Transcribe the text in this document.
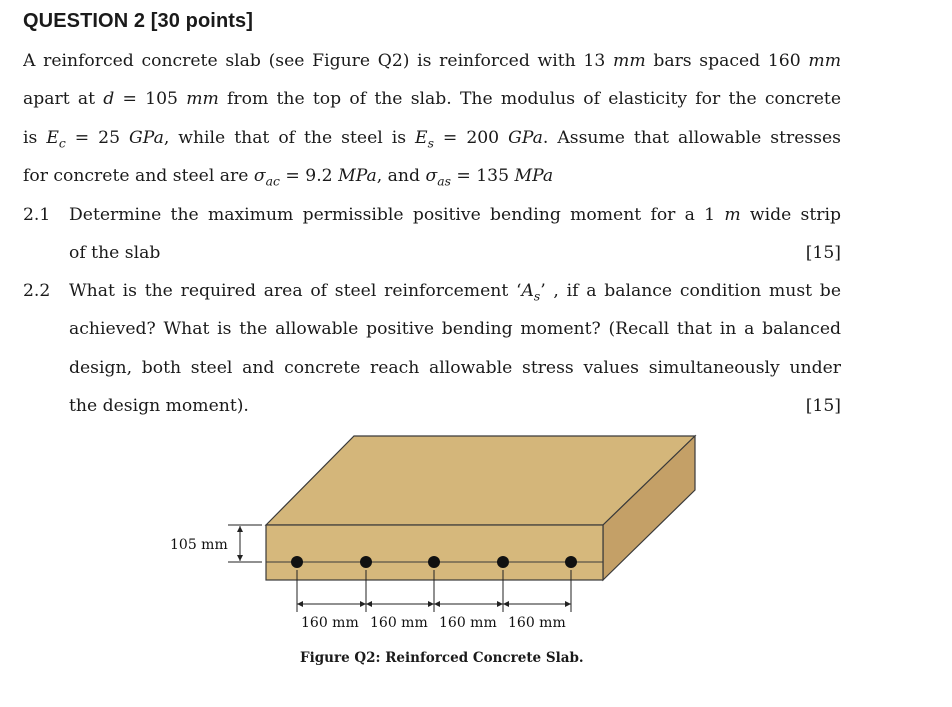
QUESTION 2 [30 points]
A reinforced concrete slab (see Figure Q2) is reinforced with 13 mm bars spaced 160 mm
apart at d = 105 mm from the top of the slab. The modulus of elasticity for the concrete
is $E_c = 25$ GPa, while that of the steel is $E_s = 200$ GPa. Assume that allowable stresses
for concrete and steel are $\sigma_{ac} = 9.2$ MPa, and $\sigma_{as} = 135$ MPa
2.1 Determine the maximum permissible positive bending moment for a 1 m wide strip
of the slab	[15]
2.2 What is the required area of steel reinforcement ‘$A_s$’ , if a balance condition must be
achieved? What is the allowable positive bending moment? (Recall that in a balanced
design, both steel and concrete reach allowable stress values simultaneously under
the design moment).	[15]
105 mm
160 mm 160 mm 160 mm 160 mm
Figure Q2: Reinforced Concrete Slab.
